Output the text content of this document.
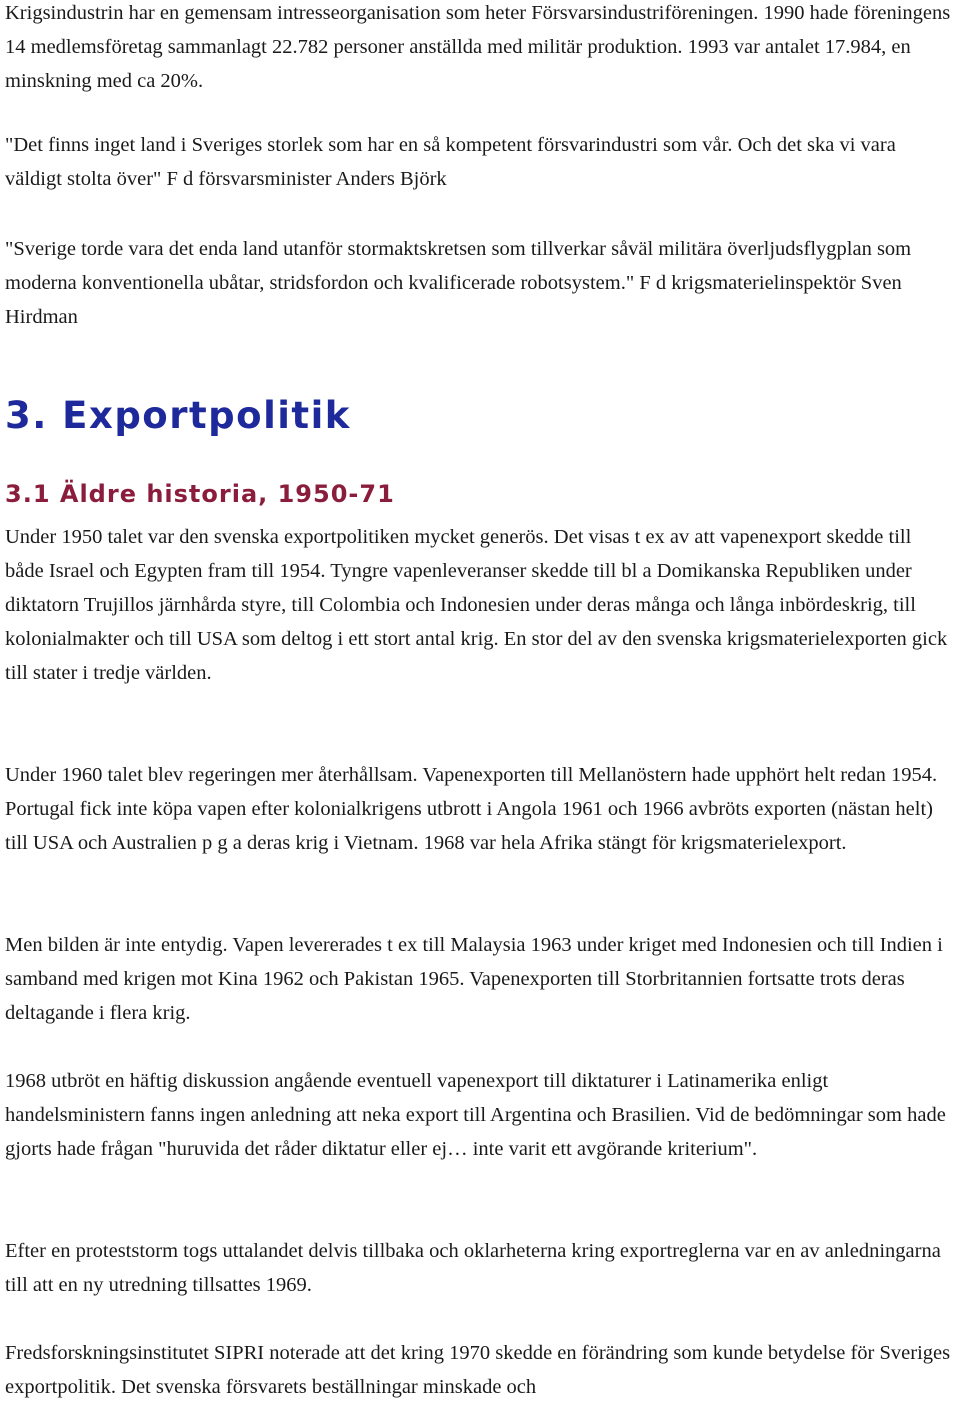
Krigsindustrin har en gemensam intresseorganisation som heter Försvarsindustriföreningen. 1990 hade föreningens 14 medlemsföretag sammanlagt 22.782 personer anställda med militär produktion. 1993 var antalet 17.984, en minskning med ca 20%.

"Det finns inget land i Sveriges storlek som har en så kompetent försvarindustri som vår. Och det ska vi vara väldigt stolta över" F d försvarsminister Anders Björk

"Sverige torde vara det enda land utanför stormaktskretsen som tillverkar såväl militära överljudsflygplan som moderna konventionella ubåtar, stridsfordon och kvalificerade robotsystem." F d krigsmaterielinspektör Sven Hirdman

3. Exportpolitik
3.1 Äldre historia, 1950-71

Under 1950 talet var den svenska exportpolitiken mycket generös. Det visas t ex av att vapenexport skedde till både Israel och Egypten fram till 1954. Tyngre vapenleveranser skedde till bl a Domikanska Republiken under diktatorn Trujillos järnhårda styre, till Colombia och Indonesien under deras många och långa inbördeskrig, till kolonialmakter och till USA som deltog i ett stort antal krig. En stor del av den svenska krigsmaterielexporten gick till stater i tredje världen.

Under 1960 talet blev regeringen mer återhållsam. Vapenexporten till Mellanöstern hade upphört helt redan 1954. Portugal fick inte köpa vapen efter kolonialkrigens utbrott i Angola 1961 och 1966 avbröts exporten (nästan helt) till USA och Australien p g a deras krig i Vietnam. 1968 var hela Afrika stängt för krigsmaterielexport.

Men bilden är inte entydig. Vapen levererades t ex till Malaysia 1963 under kriget med Indonesien och till Indien i samband med krigen mot Kina 1962 och Pakistan 1965. Vapenexporten till Storbritannien fortsatte trots deras deltagande i flera krig.

1968 utbröt en häftig diskussion angående eventuell vapenexport till diktaturer i Latinamerika enligt handelsministern fanns ingen anledning att neka export till Argentina och Brasilien. Vid de bedömningar som hade gjorts hade frågan "huruvida det råder diktatur eller ej… inte varit ett avgörande kriterium".

Efter en proteststorm togs uttalandet delvis tillbaka och oklarheterna kring exportreglerna var en av anledningarna till att en ny utredning tillsattes 1969.

Fredsforskningsinstitutet SIPRI noterade att det kring 1970 skedde en förändring som kunde betydelse för Sveriges exportpolitik. Det svenska försvarets beställningar minskade och
